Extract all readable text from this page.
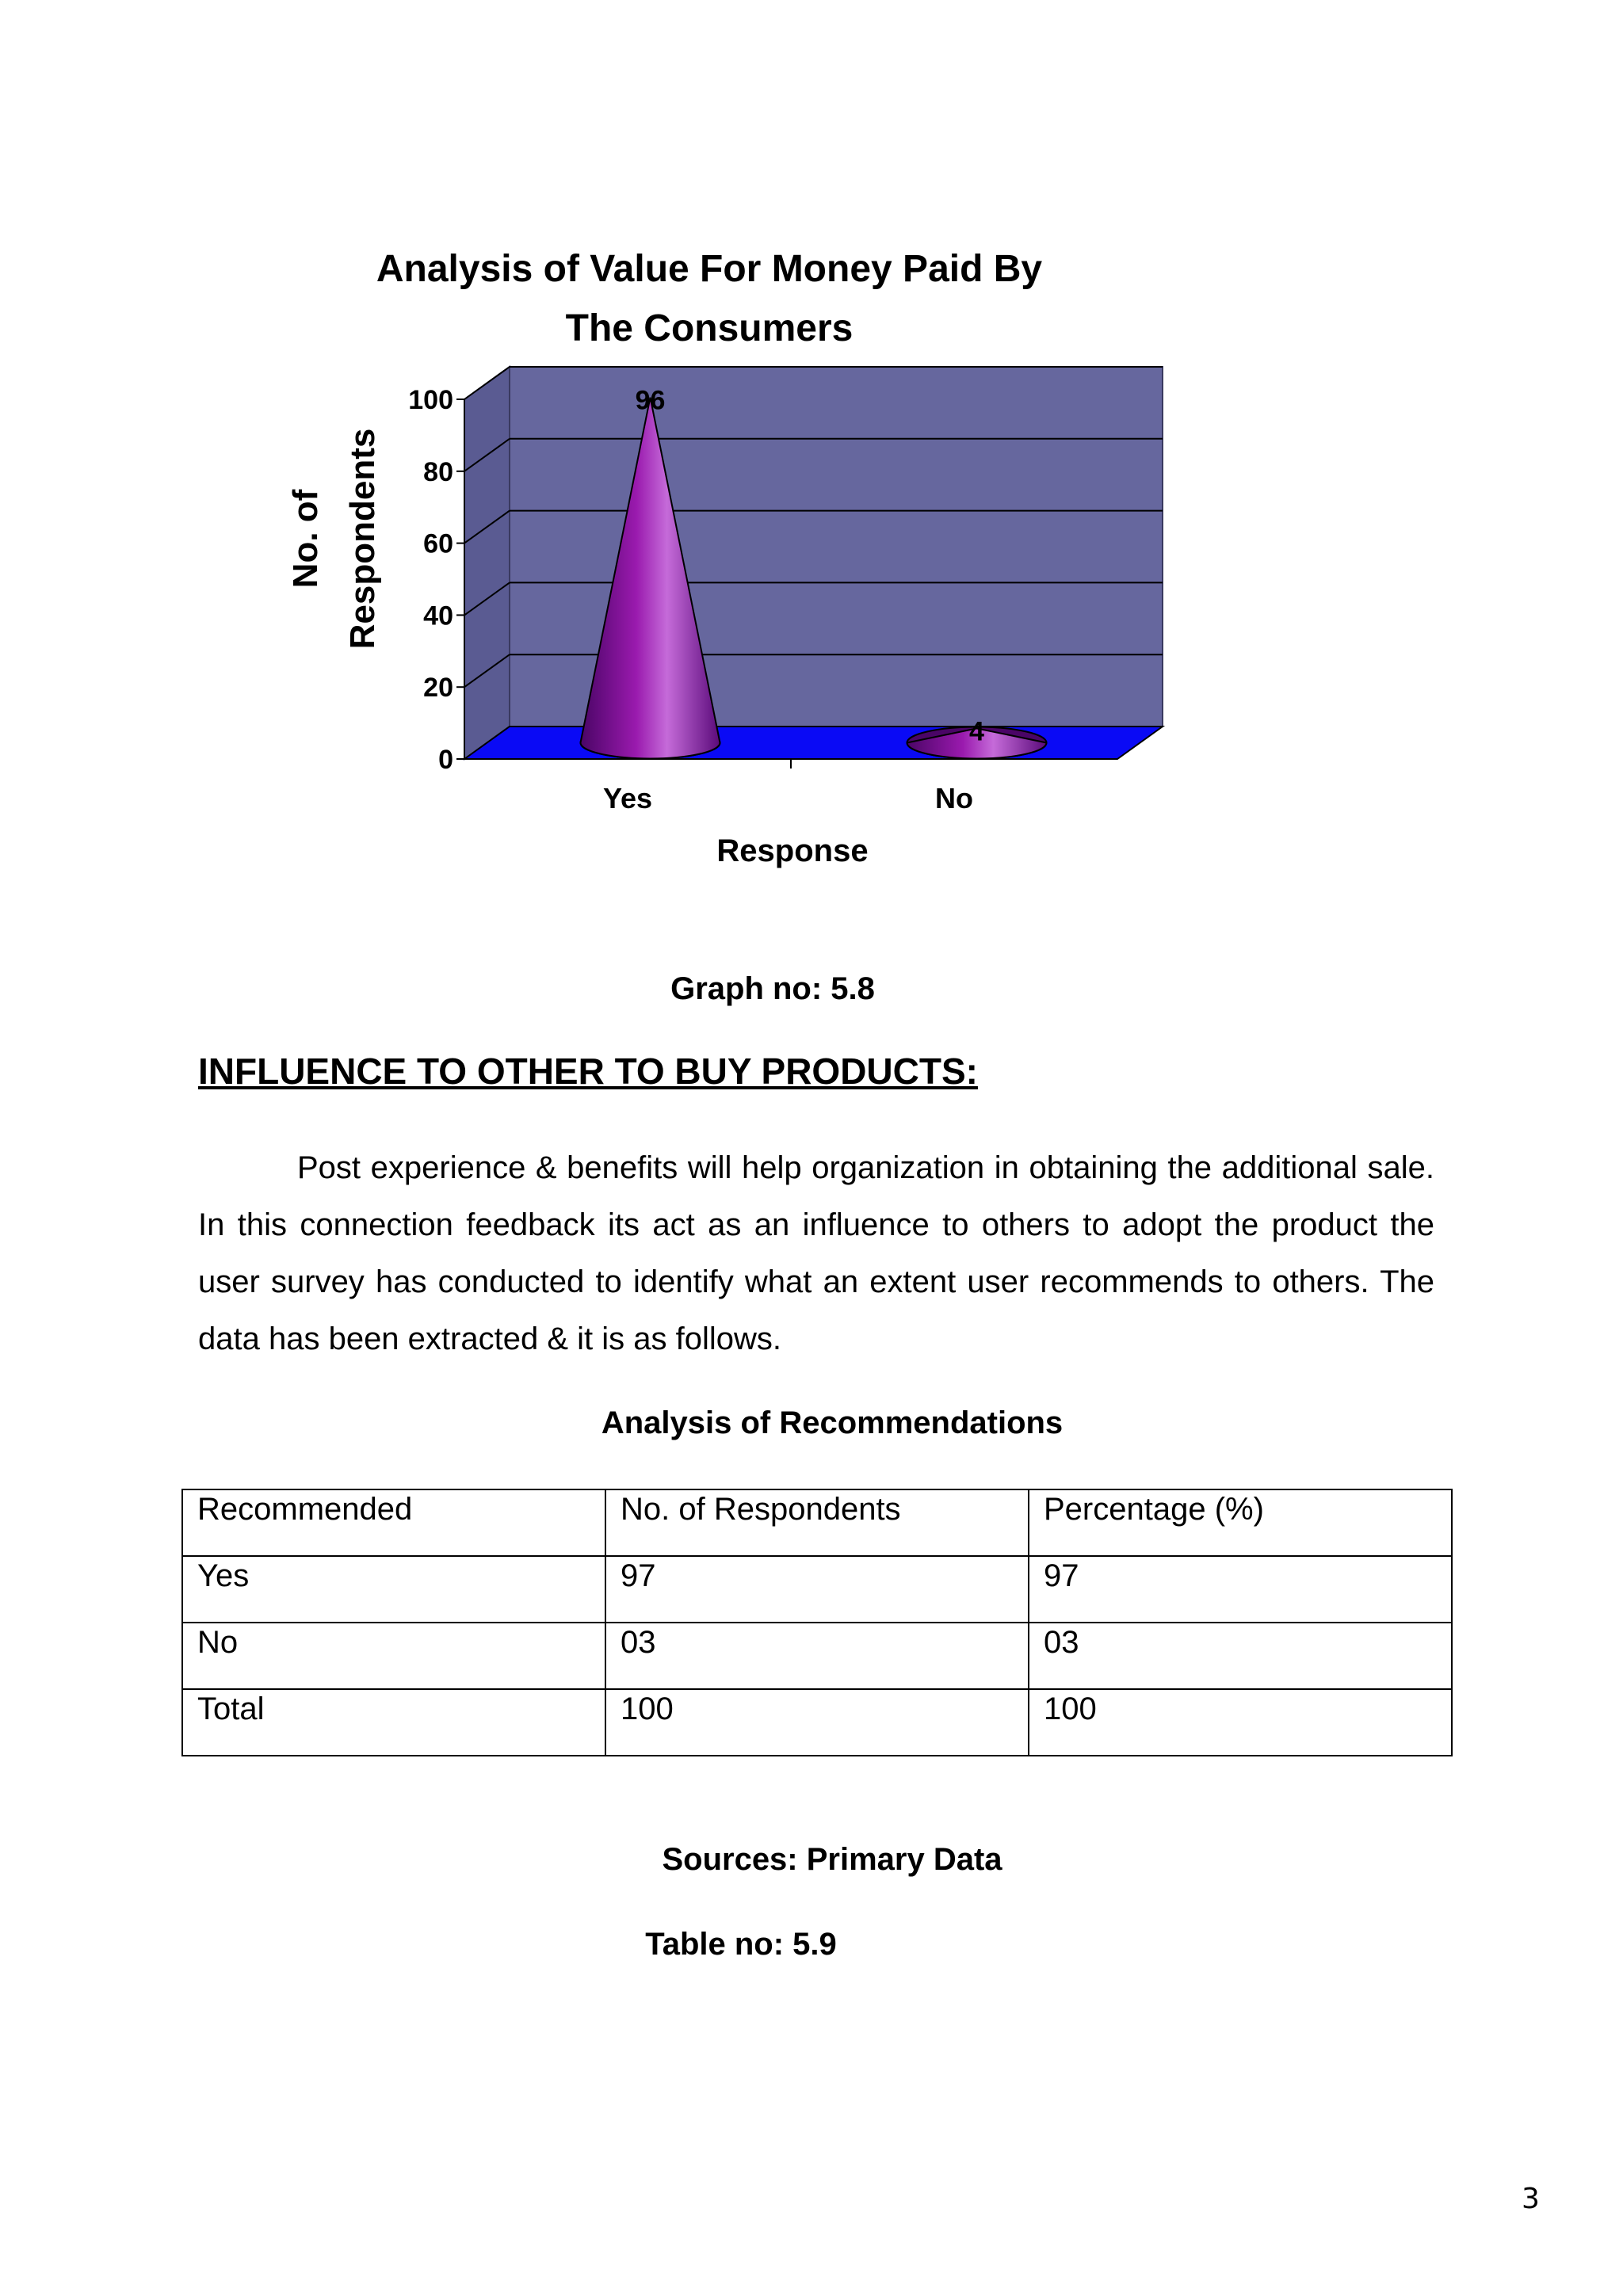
Analysis of Value For Money Paid By
The Consumers
0
20
40
60
80
100	96
Yes
4
No
No. of Respondents
Response
Graph no: 5.8
INFLUENCE TO OTHER TO BUY PRODUCTS:

Post experience & benefits will help organization in obtaining the additional sale. In this connection feedback its act as an influence to others to adopt the product the user survey has conducted to identify what an extent user recommends to others. The data has been extracted & it is as follows.

Analysis of Recommendations
Recommended	No. of Respondents	Percentage (%)
Yes	97	97
No	03	03
Total	100	100
Sources: Primary Data
Table no: 5.9
3
